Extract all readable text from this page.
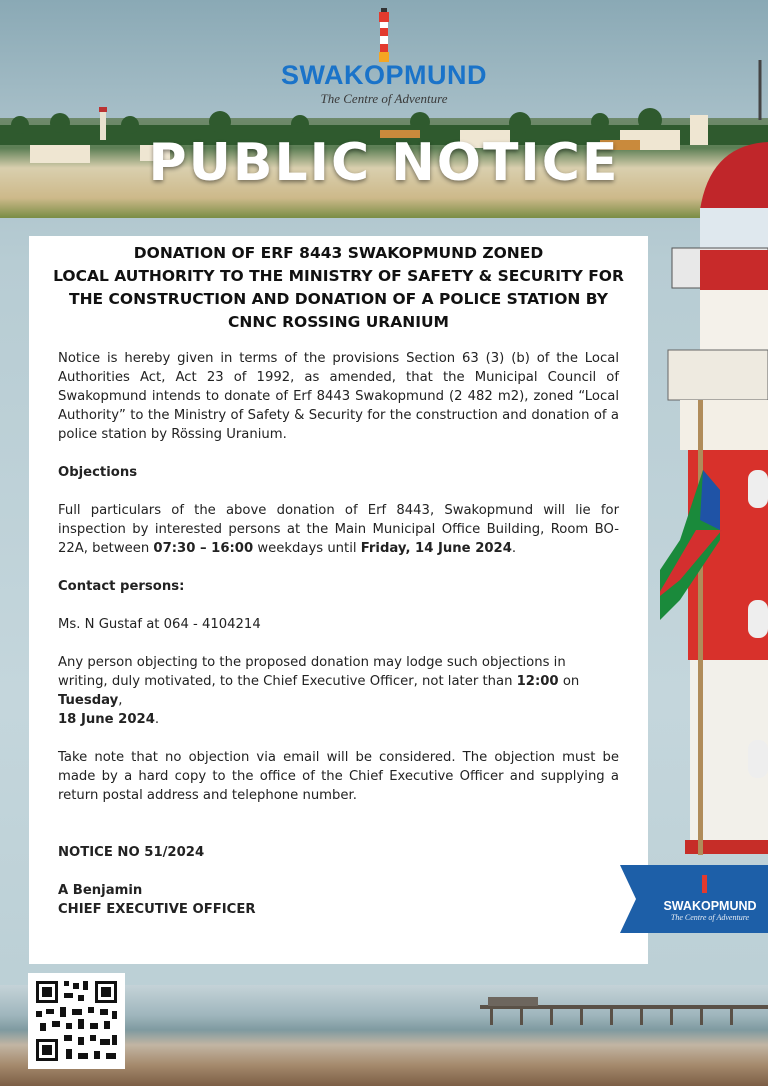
SWAKOPMUND
The Centre of Adventure
PUBLIC NOTICE
DONATION OF ERF 8443 SWAKOPMUND ZONED
LOCAL AUTHORITY TO THE MINISTRY OF SAFETY & SECURITY FOR
THE CONSTRUCTION AND DONATION OF A POLICE STATION BY
CNNC ROSSING URANIUM

Notice is hereby given in terms of the provisions Section 63 (3) (b) of the Local Authorities Act, Act 23 of 1992, as amended, that the Municipal Council of Swakopmund intends to donate of Erf 8443 Swakopmund (2 482 m2), zoned “Local Authority” to the Ministry of Safety & Security for the construction and donation of a police station by Rössing Uranium.

Objections

Full particulars of the above donation of Erf 8443, Swakopmund will lie for inspection by interested persons at the Main Municipal Office Building, Room BO-22A, between 07:30 – 16:00 weekdays until Friday, 14 June 2024.

Contact persons:

Ms. N Gustaf at 064 - 4104214

Any person objecting to the proposed donation may lodge such objections in writing, duly motivated, to the Chief Executive Officer, not later than 12:00 on Tuesday,
18 June 2024.

Take note that no objection via email will be considered. The objection must be made by a hard copy to the office of the Chief Executive Officer and supplying a return postal address and telephone number.

NOTICE NO 51/2024

A Benjamin

CHIEF EXECUTIVE OFFICER	SWAKOPMUND
The Centre of Adventure
